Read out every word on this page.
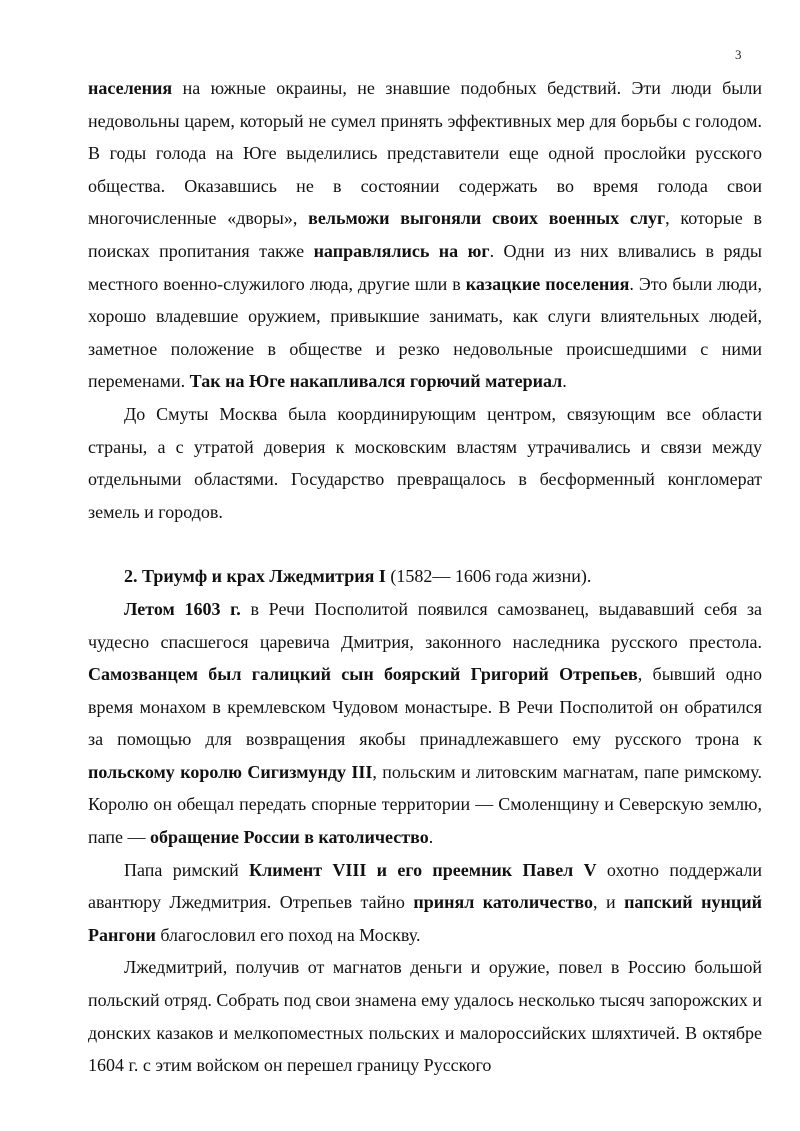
3

населения на южные окраины, не знавшие подобных бедствий. Эти люди были недовольны царем, который не сумел принять эффективных мер для борьбы с голодом. В годы голода на Юге выделились представители еще одной прослойки русского общества. Оказавшись не в состоянии содержать во время голода свои многочисленные «дворы», вельможи выгоняли своих военных слуг, которые в поисках пропитания также направлялись на юг. Одни из них вливались в ряды местного военно-служилого люда, другие шли в казацкие поселения. Это были люди, хорошо владевшие оружием, привыкшие занимать, как слуги влиятельных людей, заметное положение в обществе и резко недовольные происшедшими с ними переменами. Так на Юге накапливался горючий материал.

До Смуты Москва была координирующим центром, связующим все области страны, а с утратой доверия к московским властям утрачивались и связи между отдельными областями. Государство превращалось в бесформенный конгломерат земель и городов.

2. Триумф и крах Лжедмитрия I (1582— 1606 года жизни).

Летом 1603 г. в Речи Посполитой появился самозванец, выдававший себя за чудесно спасшегося царевича Дмитрия, законного наследника русского престола. Самозванцем был галицкий сын боярский Григорий Отрепьев, бывший одно время монахом в кремлевском Чудовом монастыре. В Речи Посполитой он обратился за помощью для возвращения якобы принадлежавшего ему русского трона к польскому королю Сигизмунду III, польским и литовским магнатам, папе римскому. Королю он обещал передать спорные территории — Смоленщину и Северскую землю, папе — обращение России в католичество.

Папа римский Климент VIII и его преемник Павел V охотно поддержали авантюру Лжедмитрия. Отрепьев тайно принял католичество, и папский нунций Рангони благословил его поход на Москву.

Лжедмитрий, получив от магнатов деньги и оружие, повел в Россию большой польский отряд. Собрать под свои знамена ему удалось несколько тысяч запорожских и донских казаков и мелкопоместных польских и малороссийских шляхтичей. В октябре 1604 г. с этим войском он перешел границу Русского
